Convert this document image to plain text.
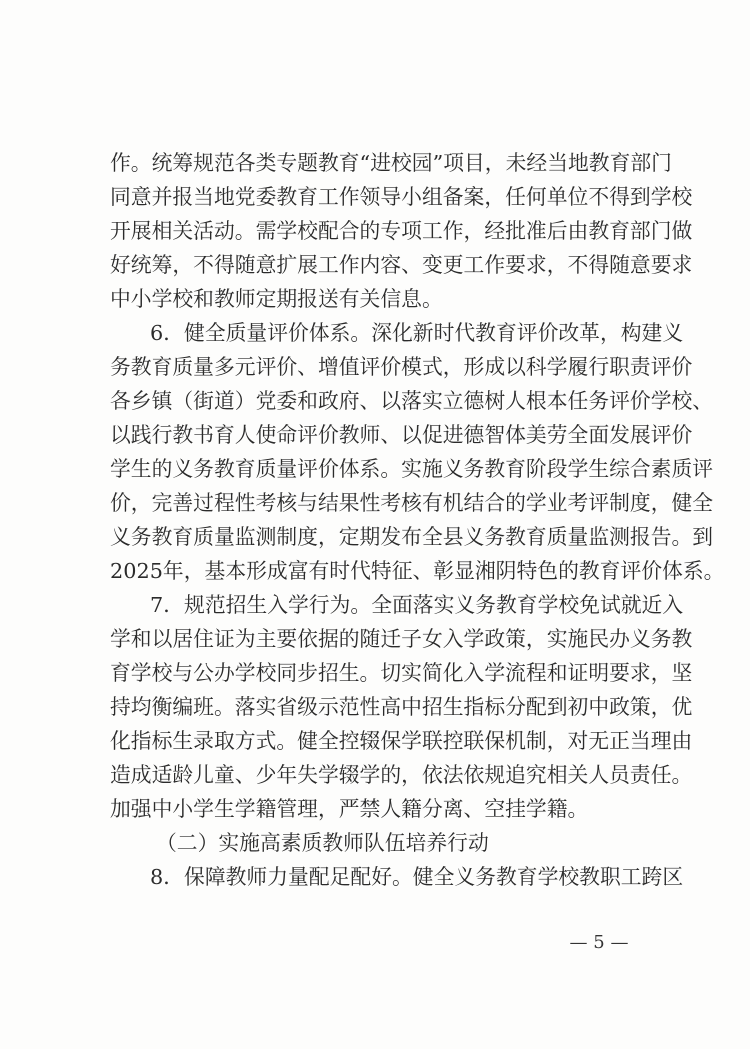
作。统筹规范各类专题教育“进校园”项目，未经当地教育部门
同意并报当地党委教育工作领导小组备案，任何单位不得到学校
开展相关活动。需学校配合的专项工作，经批准后由教育部门做
好统筹，不得随意扩展工作内容、变更工作要求，不得随意要求
中小学校和教师定期报送有关信息。
6．健全质量评价体系。深化新时代教育评价改革，构建义
务教育质量多元评价、增值评价模式，形成以科学履行职责评价
各乡镇（街道）党委和政府、以落实立德树人根本任务评价学校、
以践行教书育人使命评价教师、以促进德智体美劳全面发展评价
学生的义务教育质量评价体系。实施义务教育阶段学生综合素质评
价，完善过程性考核与结果性考核有机结合的学业考评制度，健全
义务教育质量监测制度，定期发布全县义务教育质量监测报告。到
2025年，基本形成富有时代特征、彰显湘阴特色的教育评价体系。
7．规范招生入学行为。全面落实义务教育学校免试就近入
学和以居住证为主要依据的随迁子女入学政策，实施民办义务教
育学校与公办学校同步招生。切实简化入学流程和证明要求，坚
持均衡编班。落实省级示范性高中招生指标分配到初中政策，优
化指标生录取方式。健全控辍保学联控联保机制，对无正当理由
造成适龄儿童、少年失学辍学的，依法依规追究相关人员责任。
加强中小学生学籍管理，严禁人籍分离、空挂学籍。
（二）实施高素质教师队伍培养行动
8．保障教师力量配足配好。健全义务教育学校教职工跨区
— 5 —
